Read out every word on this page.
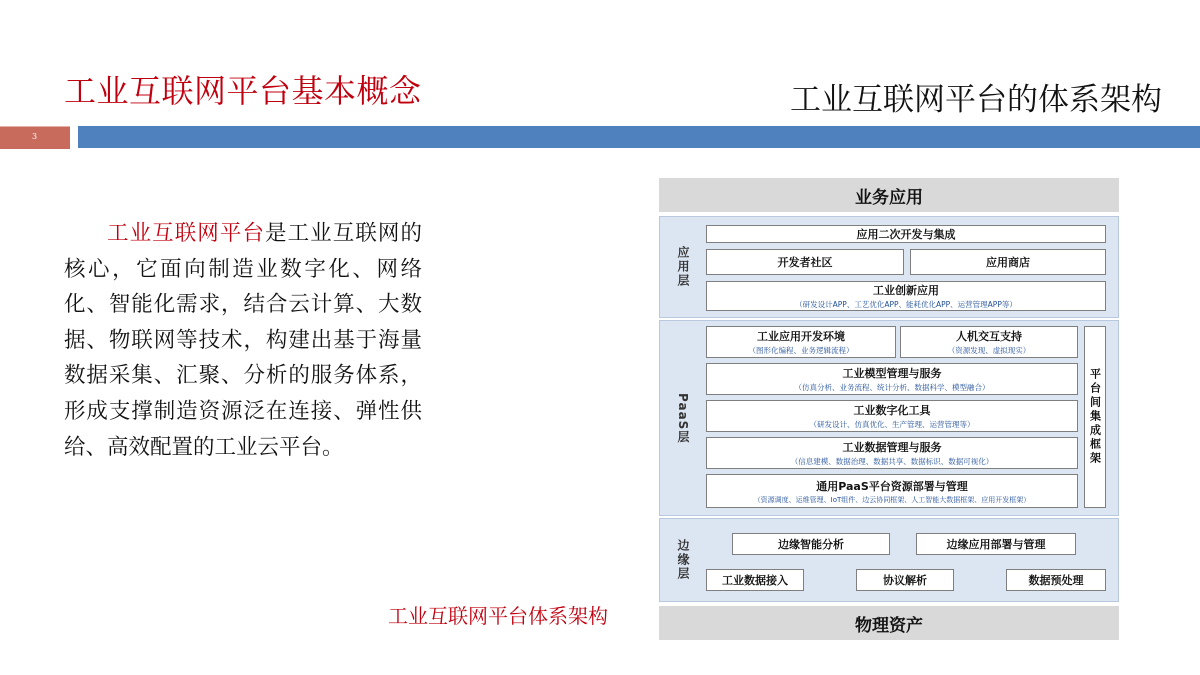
工业互联网平台基本概念	工业互联网平台的体系架构
3
工业互联网平台是工业互联网的核心，它面向制造业数字化、网络化、智能化需求，结合云计算、大数据、物联网等技术，构建出基于海量数据采集、汇聚、分析的服务体系，形成支撑制造资源泛在连接、弹性供给、高效配置的工业云平台。
工业互联网平台体系架构
业务应用
应用层
应用二次开发与集成
开发者社区	应用商店
工业创新应用
（研发设计APP、工艺优化APP、能耗优化APP、运营管理APP等）
PaaS层
工业应用开发环境
（图形化编程、业务逻辑流程）
人机交互支持
（资源发现、虚拟现实）
工业模型管理与服务
（仿真分析、业务流程、统计分析、数据科学、模型融合）
工业数字化工具
（研发设计、仿真优化、生产管理、运营管理等）
工业数据管理与服务
（信息建模、数据治理、数据共享、数据标识、数据可视化）
通用PaaS平台资源部署与管理
（资源调度、运维管理、IoT组件、边云协同框架、人工智能大数据框架、应用开发框架）
平台间集成框架
边缘层	边缘智能分析	边缘应用部署与管理
工业数据接入	协议解析	数据预处理
物理资产
